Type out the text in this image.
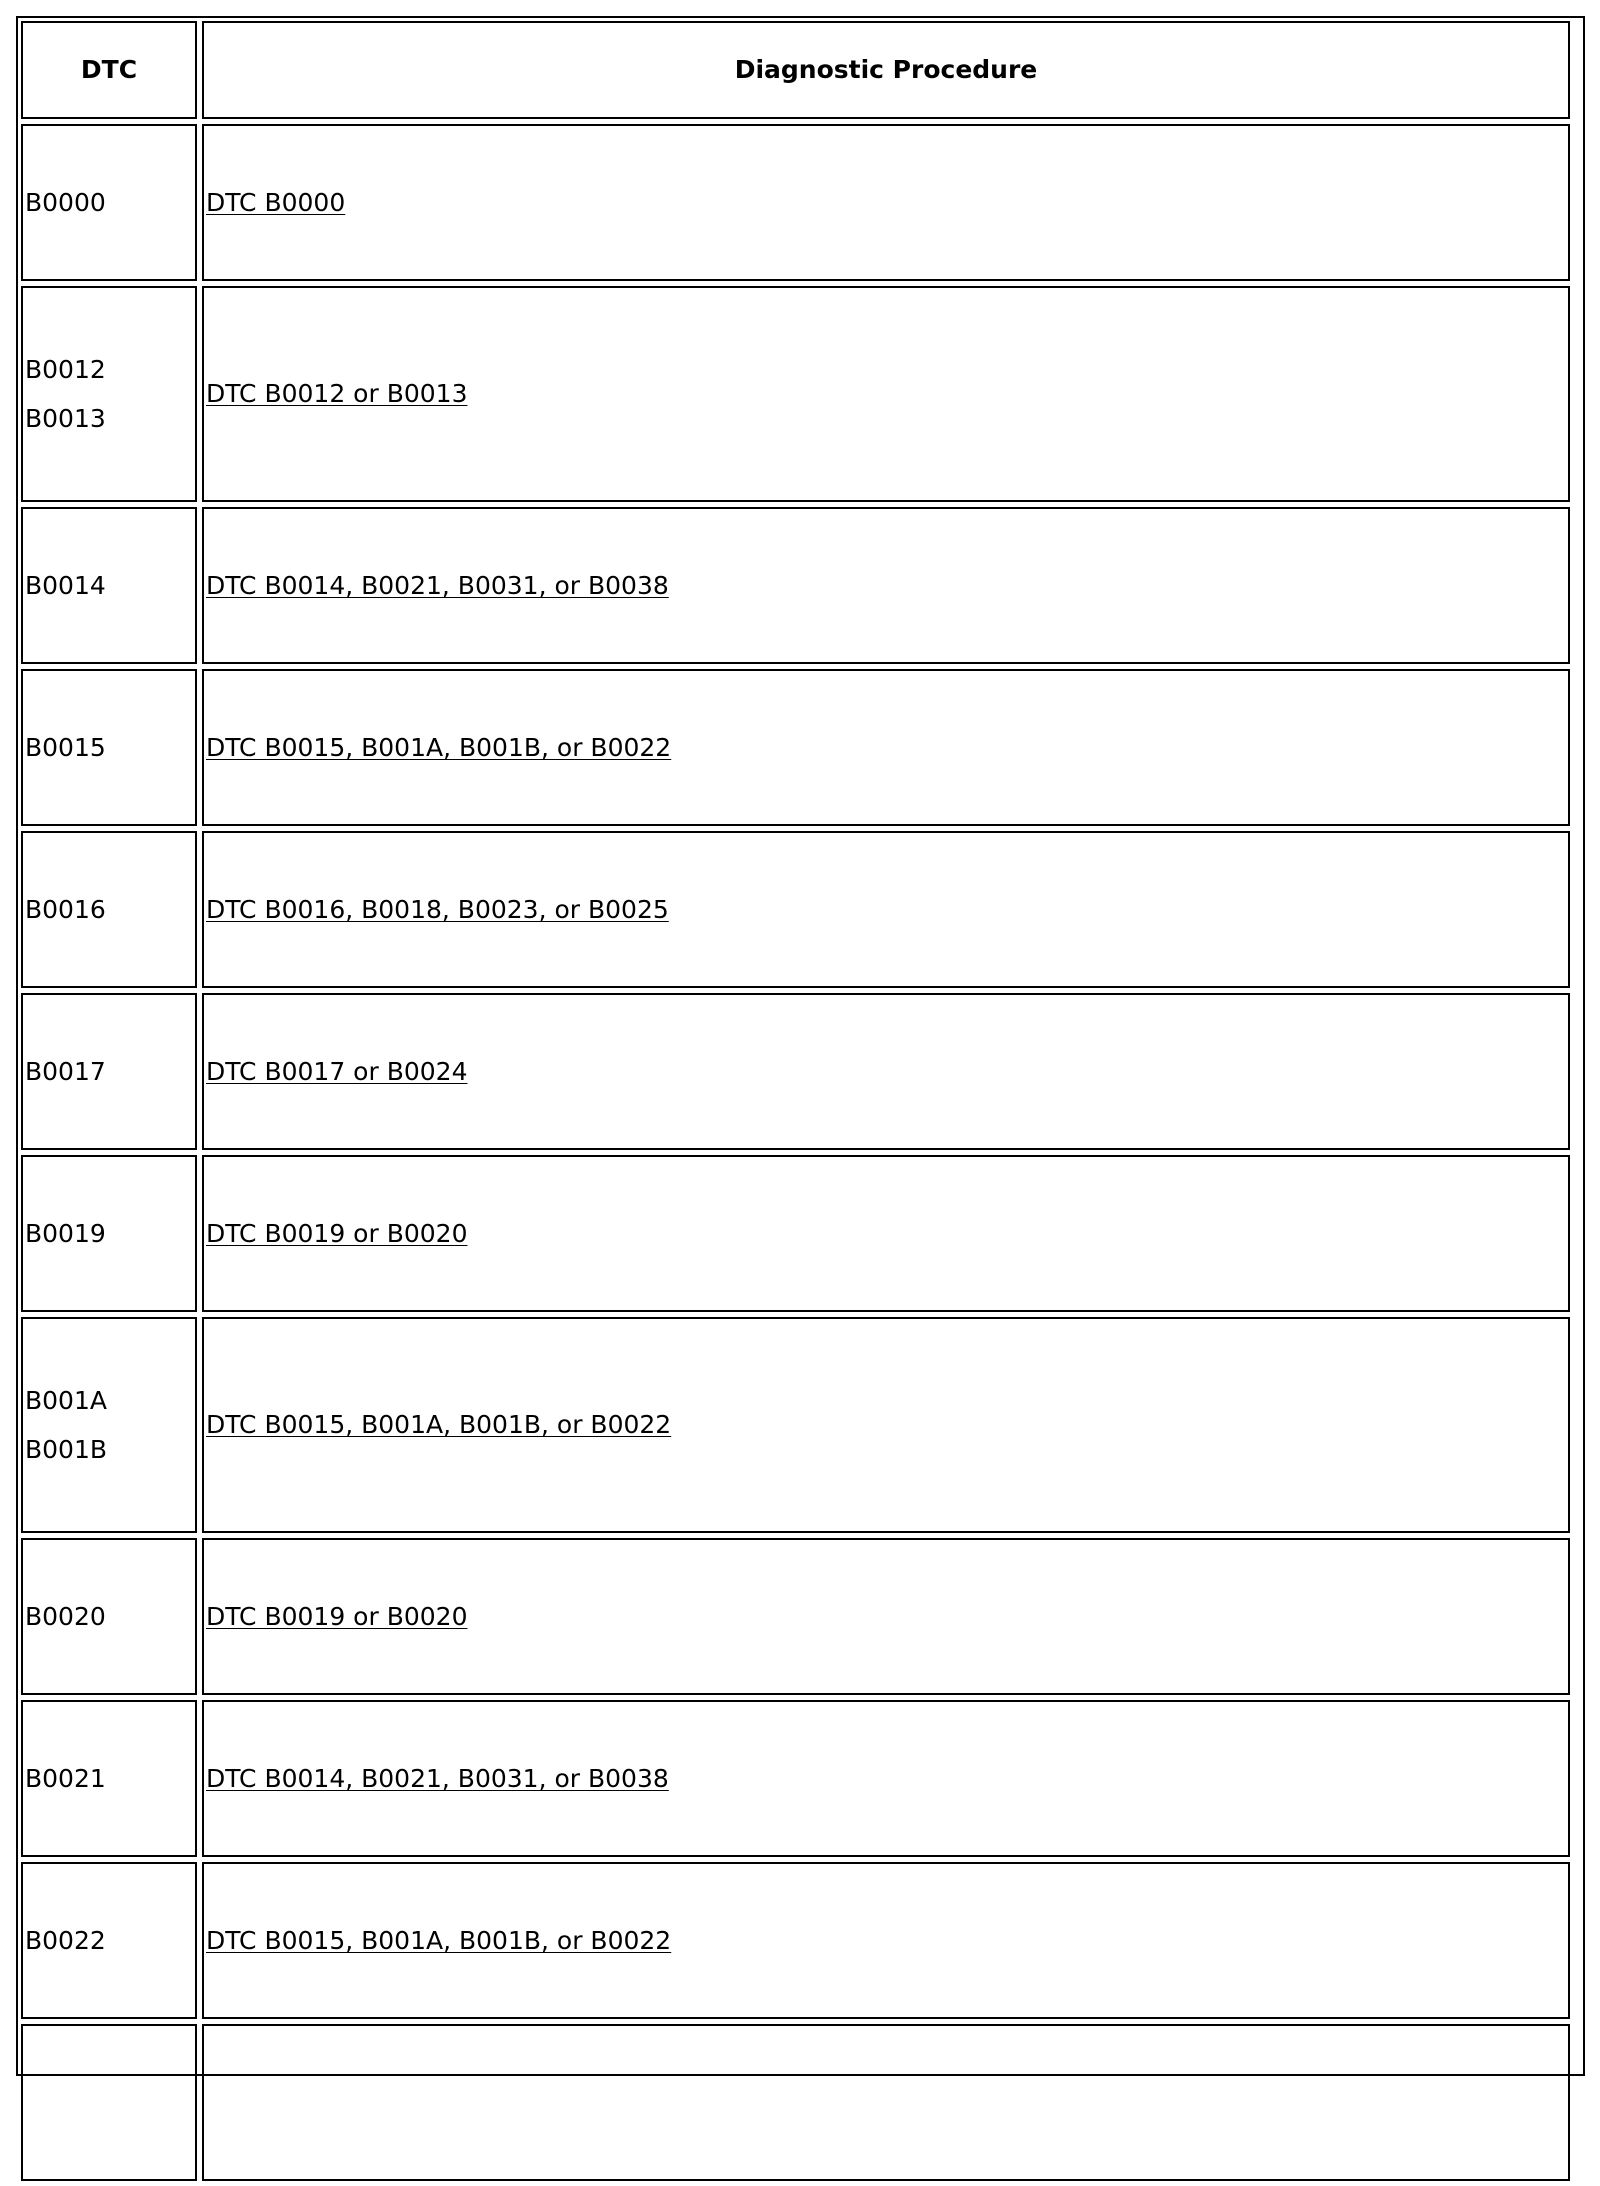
DTC	Diagnostic Procedure

B0000	DTC B0000

B0012
B0013	DTC B0012 or B0013

B0014	DTC B0014, B0021, B0031, or B0038

B0015	DTC B0015, B001A, B001B, or B0022

B0016	DTC B0016, B0018, B0023, or B0025

B0017	DTC B0017 or B0024

B0019	DTC B0019 or B0020

B001A
B001B	DTC B0015, B001A, B001B, or B0022

B0020	DTC B0019 or B0020

B0021	DTC B0014, B0021, B0031, or B0038

B0022	DTC B0015, B001A, B001B, or B0022
